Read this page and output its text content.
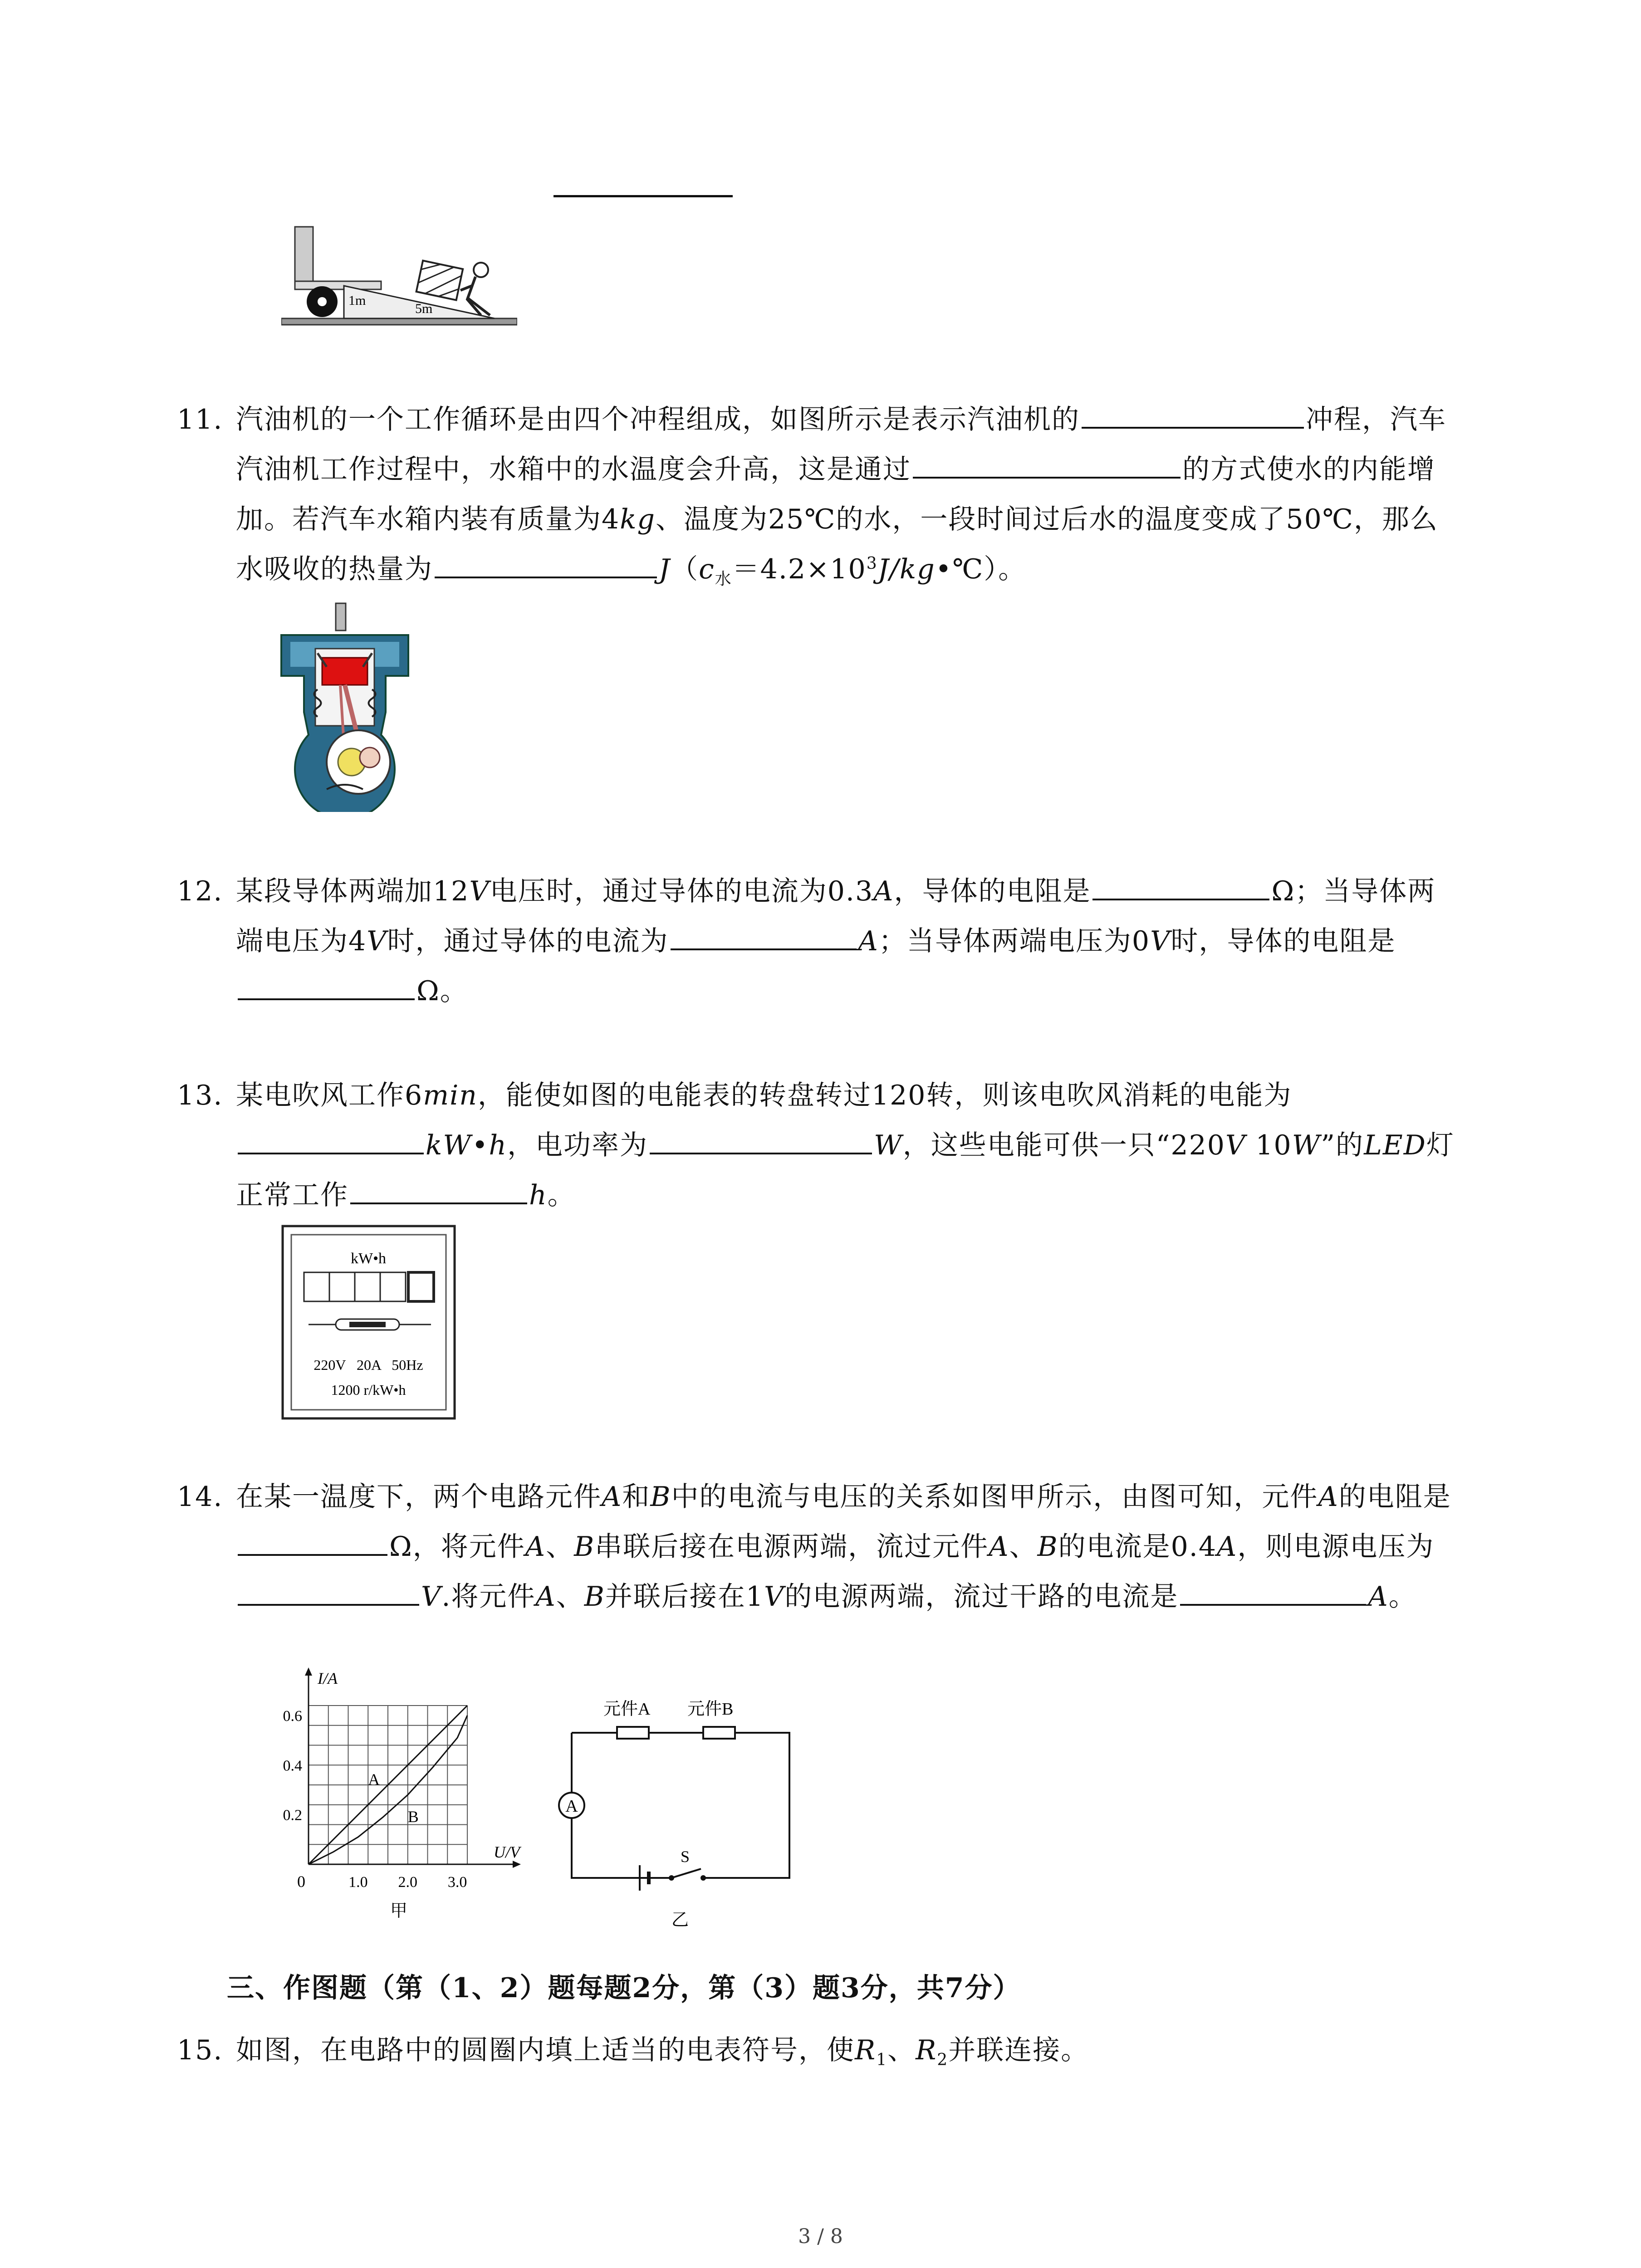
1m
5m
11. 汽油机的一个工作循环是由四个冲程组成，如图所示是表示汽油机的	冲程，汽车汽油机工作过程中，水箱中的水温度会升高，这是通过	的方式使水的内能增加。若汽车水箱内装有质量为4kg、温度为25℃的水，一段时间过后水的温度变成了50℃，那么水吸收的热量为	$J(c_水=4.2\times 10^3J/kg•℃)$。
12. 某段导体两端加12V电压时，通过导体的电流为0.3A，导体的电阻是	Ω；当导体两端电压为4V时，通过导体的电流为	A；当导体两端电压为0V时，导体的电阻是Ω。
13. 某电吹风工作6min，能使如图的电能表的转盘转过120转，则该电吹风消耗的电能为kW•h，电功率为	W，这些电能可供一只“220V 10W”的LED灯正常工作	h。
kW•h
220V   20A   50Hz
1200 r/kW•h
14. 在某一温度下，两个电路元件A和B中的电流与电压的关系如图甲所示，由图可知，元件A的电阻是Ω，将元件A、B串联后接在电源两端，流过元件A、B的电流是0.4A，则电源电压为V.将元件A、B并联后接在1V的电源两端，流过干路的电流是	A。
A
B
1.0 2.0 3.0
0.2
0.4
0.6
I/A
U/V
0
甲
元件A 元件B
A
S
乙
三、作图题（第（1、2）题每题2分，第（3）题3分，共7分）
15. 如图，在电路中的圆圈内填上适当的电表符号，使$R_1$、$R_2$并联连接。
3 / 8
